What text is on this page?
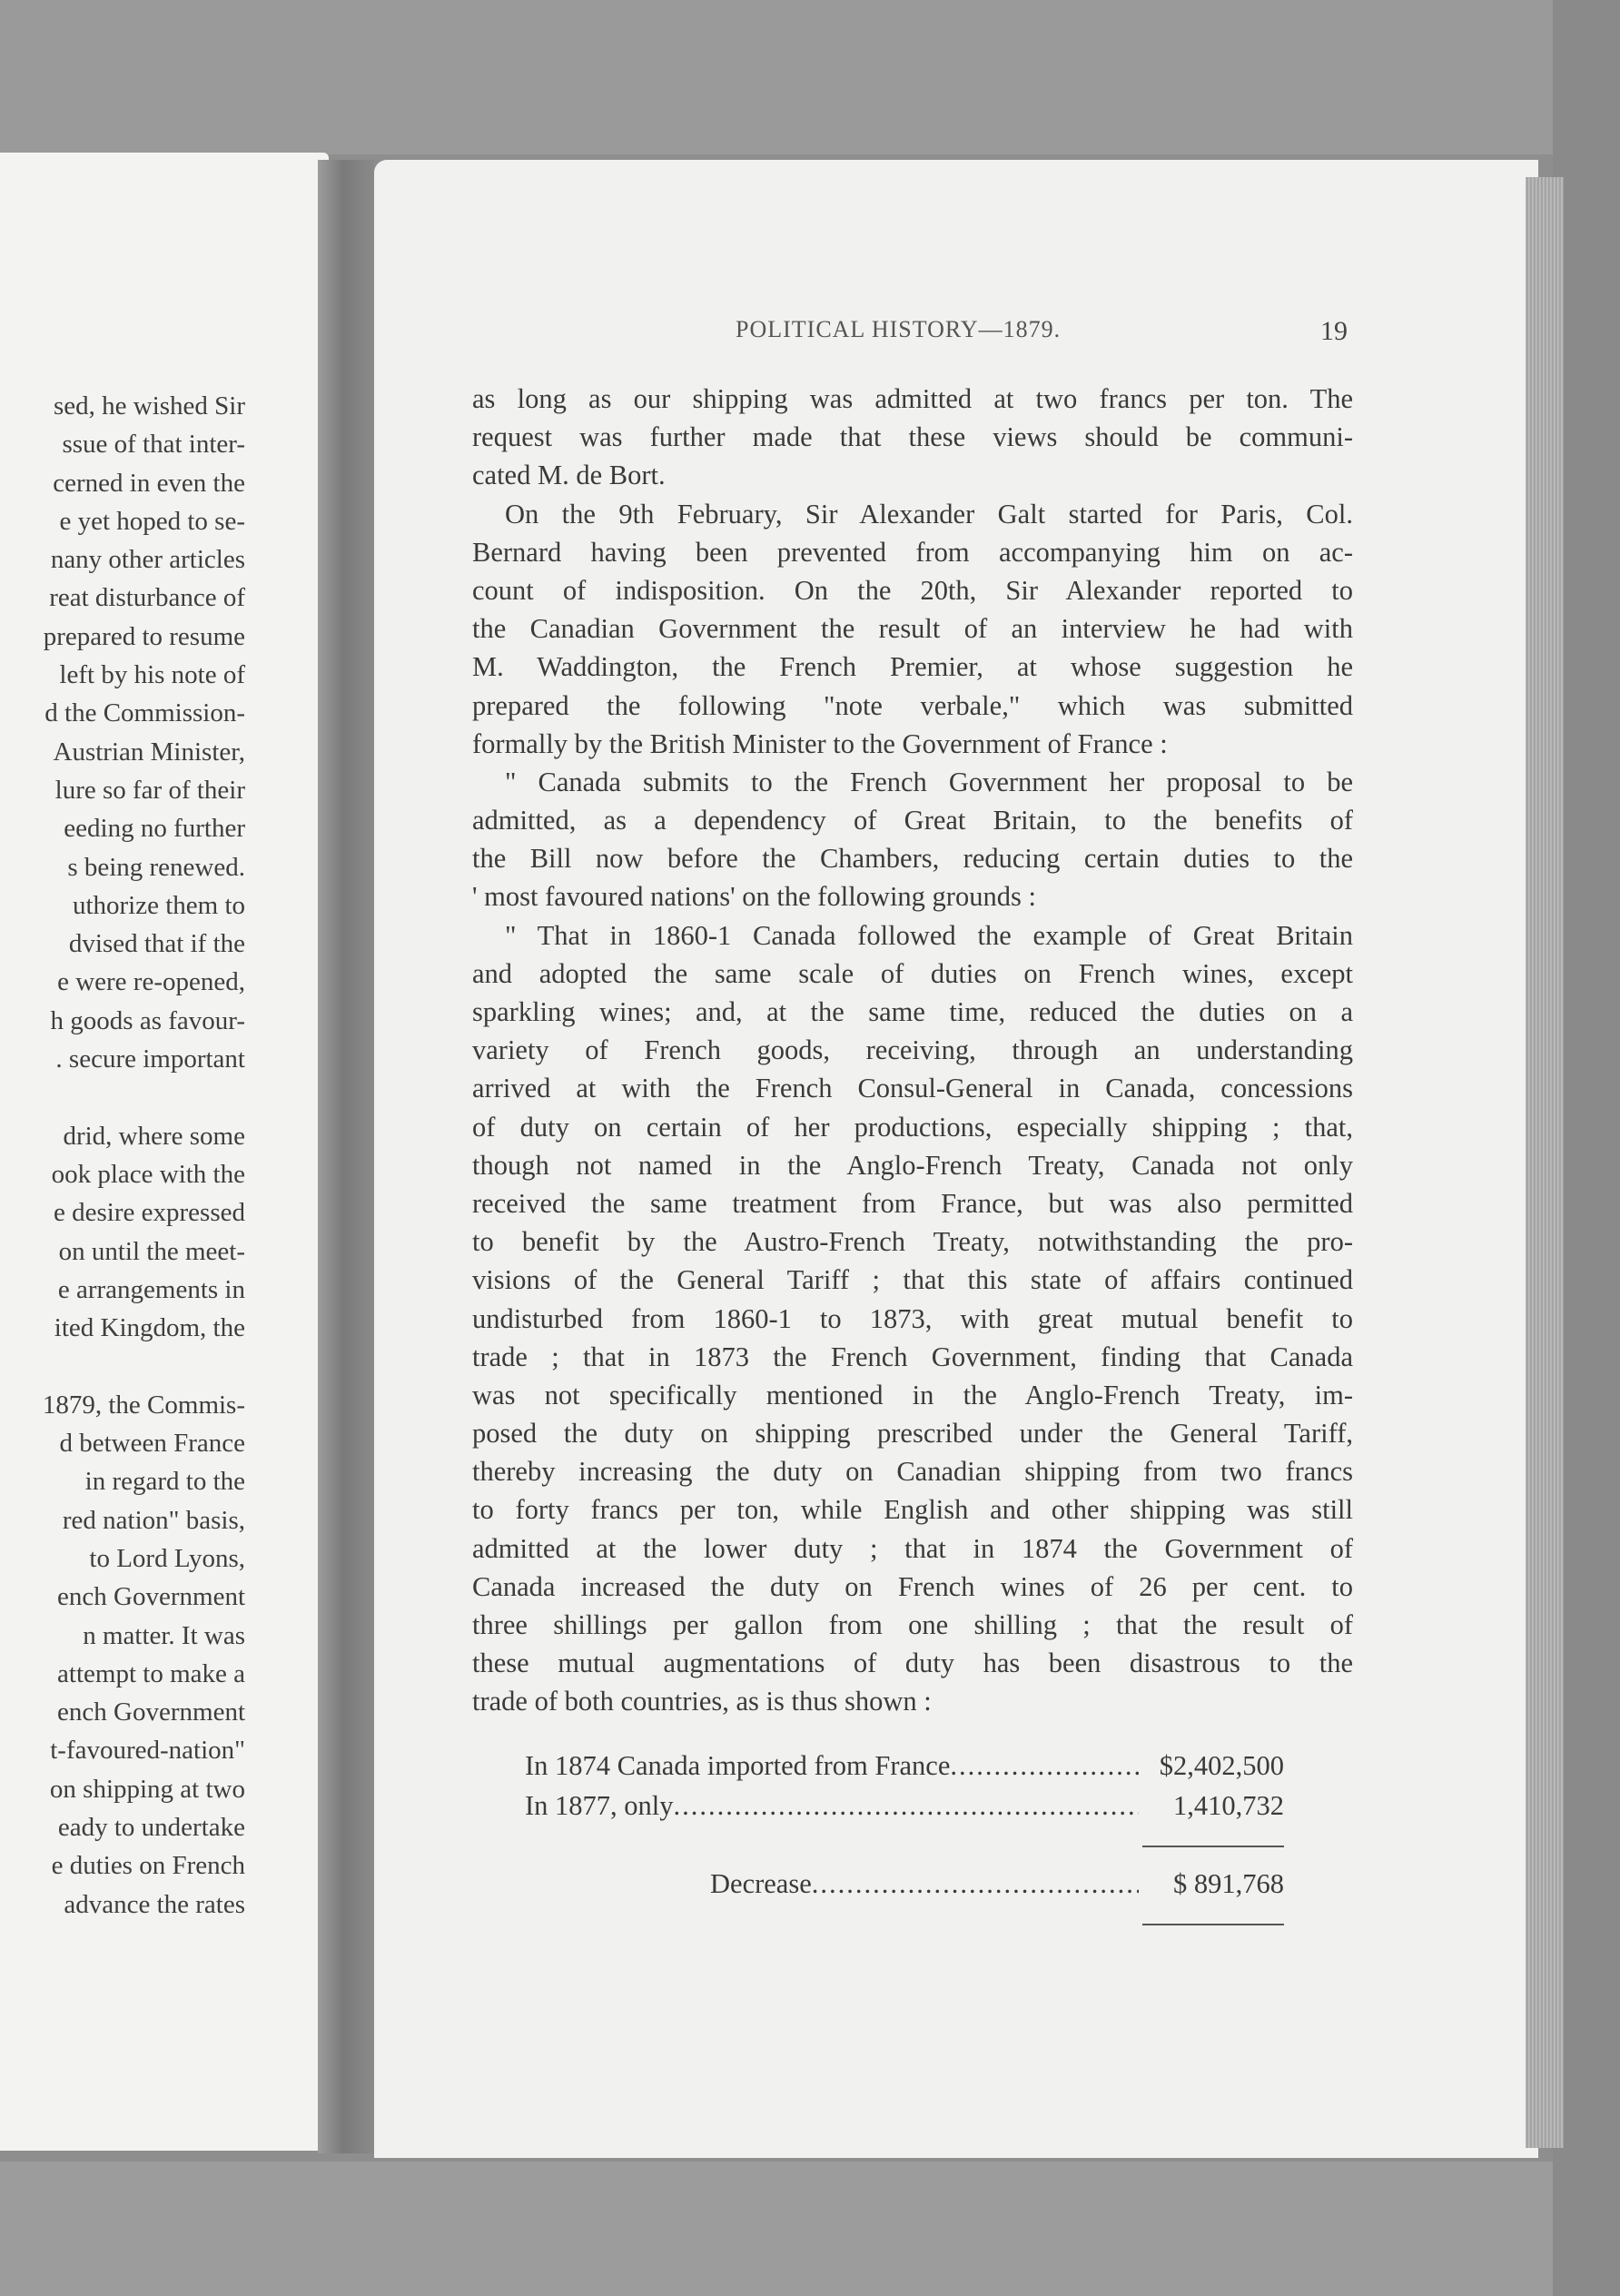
sed, he wished Sir
ssue of that inter-
cerned in even the
e yet hoped to se-
nany other articles
reat disturbance of
prepared to resume
left by his note of
d the Commission-
Austrian Minister,
lure so far of their
eeding no further
s being renewed.
uthorize them to
dvised that if the
e were re-opened,
h goods as favour-
. secure important
drid, where some
ook place with the
e desire expressed
on until the meet-
e arrangements in
ited Kingdom, the
1879, the Commis-
d between France
in regard to the
red nation" basis,
to Lord Lyons,
ench Government
n matter. It was
attempt to make a
ench Government
t-favoured-nation"
on shipping at two
eady to undertake
e duties on French
advance the rates
POLITICAL HISTORY—1879.	19
as long as our shipping was admitted at two francs per ton. The
request was further made that these views should be communi-
cated M. de Bort.
On the 9th February, Sir Alexander Galt started for Paris, Col.
Bernard having been prevented from accompanying him on ac-
count of indisposition. On the 20th, Sir Alexander reported to
the Canadian Government the result of an interview he had with
M. Waddington, the French Premier, at whose suggestion he
prepared the following "note verbale," which was submitted
formally by the British Minister to the Government of France :
" Canada submits to the French Government her proposal to be
admitted, as a dependency of Great Britain, to the benefits of
the Bill now before the Chambers, reducing certain duties to the
' most favoured nations' on the following grounds :
" That in 1860-1 Canada followed the example of Great Britain
and adopted the same scale of duties on French wines, except
sparkling wines; and, at the same time, reduced the duties on a
variety of French goods, receiving, through an understanding
arrived at with the French Consul-General in Canada, concessions
of duty on certain of her productions, especially shipping ; that,
though not named in the Anglo-French Treaty, Canada not only
received the same treatment from France, but was also permitted
to benefit by the Austro-French Treaty, notwithstanding the pro-
visions of the General Tariff ; that this state of affairs continued
undisturbed from 1860-1 to 1873, with great mutual benefit to
trade ; that in 1873 the French Government, finding that Canada
was not specifically mentioned in the Anglo-French Treaty, im-
posed the duty on shipping prescribed under the General Tariff,
thereby increasing the duty on Canadian shipping from two francs
to forty francs per ton, while English and other shipping was still
admitted at the lower duty ; that in 1874 the Government of
Canada increased the duty on French wines of 26 per cent. to
three shillings per gallon from one shilling ; that the result of
these mutual augmentations of duty has been disastrous to the
trade of both countries, as is thus shown :
In 1874 Canada imported from France .....	$2,402,500
In 1877, only .....	1,410,732
Decrease .....	$ 891,768
